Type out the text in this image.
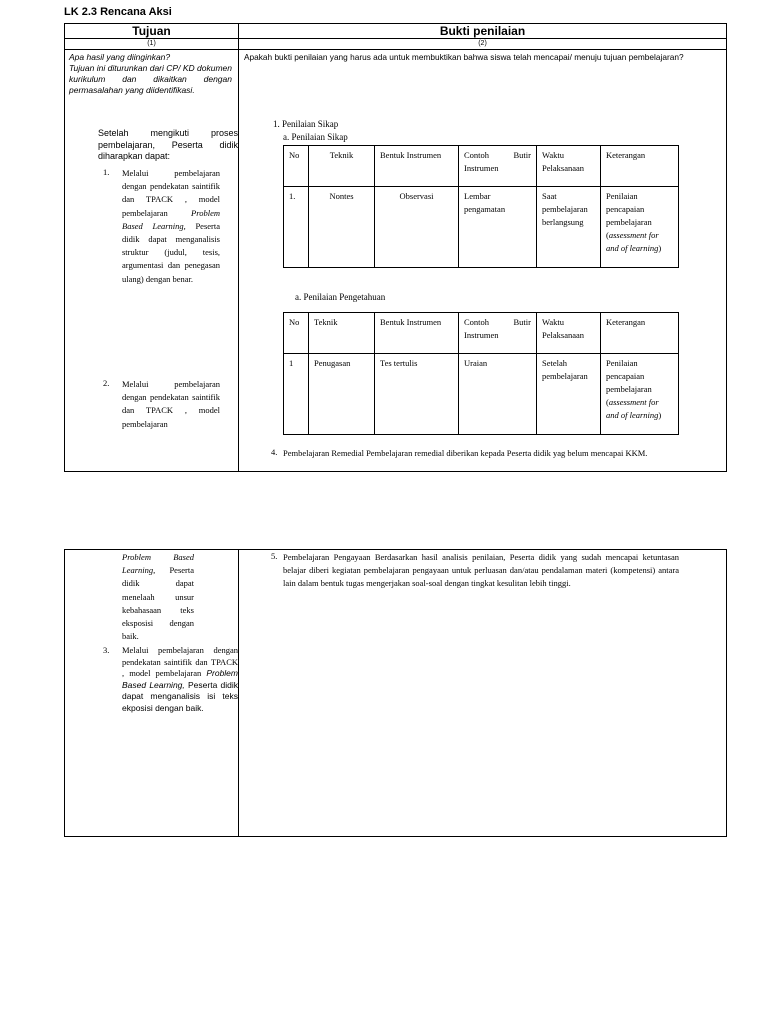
LK 2.3 Rencana Aksi
Tujuan	Bukti penilaian
(1)	(2)

Apa hasil yang diinginkan?
Tujuan ini diturunkan dari CP/ KD dokumen kurikulum dan dikaitkan dengan permasalahan yang diidentifikasi.
Setelah mengikuti proses pembelajaran, Peserta didik diharapkan dapat:
1. Melalui pembelajaran dengan pendekatan saintifik dan TPACK , model pembelajaran Problem Based Learning, Peserta didik dapat menganalisis struktur (judul, tesis, argumentasi dan penegasan ulang) dengan benar.
2. Melalui pembelajaran dengan pendekatan saintifik dan TPACK , model pembelajaran

Apakah bukti penilaian yang harus ada untuk membuktikan bahwa siswa telah mencapai/ menuju tujuan pembelajaran?
1. Penilaian Sikap
a. Penilaian Sikap
No	Teknik	Bentuk Instrumen	Contoh Butir Instrumen	Waktu Pelaksanaan	Keterangan
1.	Nontes	Observasi	Lembar pengamatan	Saat pembelajaran berlangsung	Penilaian pencapaian pembelajaran (assessment for and of learning)
a. Penilaian Pengetahuan
No	Teknik	Bentuk Instrumen	Contoh Butir Instrumen	Waktu Pelaksanaan	Keterangan
1	Penugasan	Tes tertulis	Uraian	Setelah pembelajaran	Penilaian pencapaian pembelajaran (assessment for and of learning)
4. Pembelajaran Remedial Pembelajaran remedial diberikan kepada Peserta didik yag belum mencapai KKM.
Problem Based Learning, Peserta didik dapat menelaah unsur kebahasaan teks eksposisi dengan baik.
3. Melalui pembelajaran dengan pendekatan saintifik dan TPACK , model pembelajaran Problem Based Learning, Peserta didik dapat menganalisis isi teks ekposisi dengan baik.

5. Pembelajaran Pengayaan Berdasarkan hasil analisis penilaian, Peserta didik yang sudah mencapai ketuntasan belajar diberi kegiatan pembelajaran pengayaan untuk perluasan dan/atau pendalaman materi (kompetensi) antara lain dalam bentuk tugas mengerjakan soal-soal dengan tingkat kesulitan lebih tinggi.
